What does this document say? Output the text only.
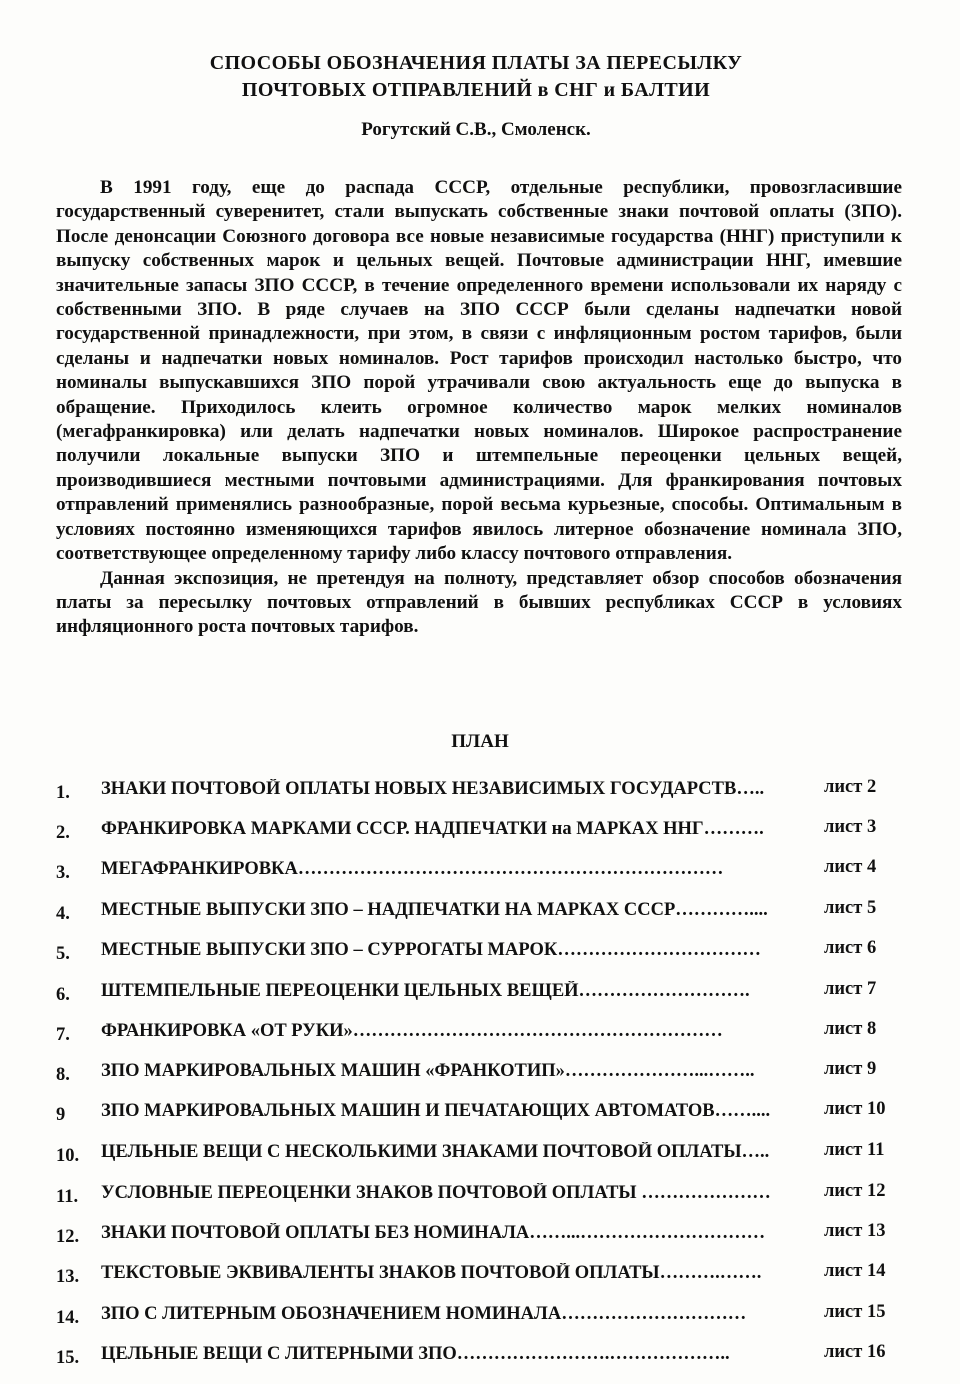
СПОСОБЫ ОБОЗНАЧЕНИЯ ПЛАТЫ ЗА ПЕРЕСЫЛКУ
ПОЧТОВЫХ ОТПРАВЛЕНИЙ в СНГ и БАЛТИИ
Рогутский С.В., Смоленск.

В 1991 году, еще до распада СССР, отдельные республики, провозгласившие государственный суверенитет, стали выпускать собственные знаки почтовой оплаты (ЗПО). После денонсации Союзного договора все новые независимые государства (ННГ) приступили к выпуску собственных марок и цельных вещей. Почтовые администрации ННГ, имевшие значительные запасы ЗПО СССР, в течение определенного времени использовали их наряду с собственными ЗПО. В ряде случаев на ЗПО СССР были сделаны надпечатки новой государственной принадлежности, при этом, в связи с инфляционным ростом тарифов, были сделаны и надпечатки новых номиналов. Рост тарифов происходил настолько быстро, что номиналы выпускавшихся ЗПО порой утрачивали свою актуальность еще до выпуска в обращение. Приходилось клеить огромное количество марок мелких номиналов (мегафранкировка) или делать надпечатки новых номиналов. Широкое распространение получили локальные выпуски ЗПО и штемпельные переоценки цельных вещей, производившиеся местными почтовыми администрациями. Для франкирования почтовых отправлений применялись разнообразные, порой весьма курьезные, способы. Оптимальным в условиях постоянно изменяющихся тарифов явилось литерное обозначение номинала ЗПО, соответствующее определенному тарифу либо классу почтового отправления.

Данная экспозиция, не претендуя на полноту, представляет обзор способов обозначения платы за пересылку почтовых отправлений в бывших республиках СССР в условиях инфляционного роста почтовых тарифов.

ПЛАН
1. ЗНАКИ ПОЧТОВОЙ ОПЛАТЫ НОВЫХ НЕЗАВИСИМЫХ ГОСУДАРСТВ…..	лист 2
2. ФРАНКИРОВКА МАРКАМИ СССР. НАДПЕЧАТКИ на МАРКАХ ННГ……….	лист 3
3. МЕГАФРАНКИРОВКА……………………………………………………………	лист 4
4. МЕСТНЫЕ ВЫПУСКИ ЗПО – НАДПЕЧАТКИ НА МАРКАХ СССР…………....	лист 5
5. МЕСТНЫЕ ВЫПУСКИ ЗПО – СУРРОГАТЫ МАРОК……………………………	лист 6
6. ШТЕМПЕЛЬНЫЕ ПЕРЕОЦЕНКИ ЦЕЛЬНЫХ ВЕЩЕЙ……………………….	лист 7
7. ФРАНКИРОВКА «ОТ РУКИ»……………………………………………………	лист 8
8. ЗПО МАРКИРОВАЛЬНЫХ МАШИН «ФРАНКОТИП»…………………...……..	лист 9
9 ЗПО МАРКИРОВАЛЬНЫХ МАШИН И ПЕЧАТАЮЩИХ АВТОМАТОВ……....	лист 10
10. ЦЕЛЬНЫЕ ВЕЩИ С НЕСКОЛЬКИМИ ЗНАКАМИ ПОЧТОВОЙ ОПЛАТЫ…..	лист 11
11. УСЛОВНЫЕ ПЕРЕОЦЕНКИ ЗНАКОВ ПОЧТОВОЙ ОПЛАТЫ …………………	лист 12
12. ЗНАКИ ПОЧТОВОЙ ОПЛАТЫ БЕЗ НОМИНАЛА……...…………………………	лист 13
13. ТЕКСТОВЫЕ ЭКВИВАЛЕНТЫ ЗНАКОВ ПОЧТОВОЙ ОПЛАТЫ……….…….	лист 14
14. ЗПО С ЛИТЕРНЫМ ОБОЗНАЧЕНИЕМ НОМИНАЛА…………………………	лист 15
15. ЦЕЛЬНЫЕ ВЕЩИ С ЛИТЕРНЫМИ ЗПО…………………….………………..	лист 16
